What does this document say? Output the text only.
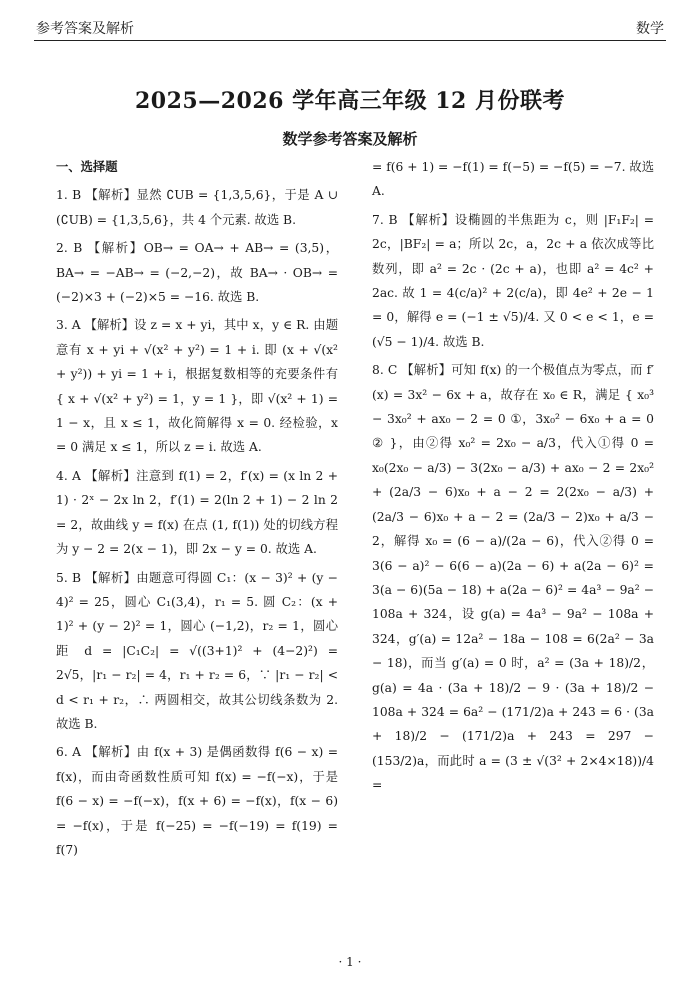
参考答案及解析	数学
2025—2026 学年高三年级 12 月份联考
数学参考答案及解析

一、选择题

1. B 【解析】显然 ∁UB = {1,3,5,6}，于是 A ∪ (∁UB) = {1,3,5,6}，共 4 个元素. 故选 B.

2. B 【解析】OB→ = OA→ + AB→ = (3,5)，BA→ = −AB→ = (−2,−2)，故 BA→ · OB→ = (−2)×3 + (−2)×5 = −16. 故选 B.

3. A 【解析】设 z = x + yi，其中 x，y ∈ R. 由题意有 x + yi + √(x² + y²) = 1 + i. 即 (x + √(x² + y²)) + yi = 1 + i，根据复数相等的充要条件有 { x + √(x² + y²) = 1，y = 1 }，即 √(x² + 1) = 1 − x，且 x ≤ 1，故化简解得 x = 0. 经检验，x = 0 满足 x ≤ 1，所以 z = i. 故选 A.

4. A 【解析】注意到 f(1) = 2，f′(x) = (x ln 2 + 1) · 2ˣ − 2x ln 2，f′(1) = 2(ln 2 + 1) − 2 ln 2 = 2，故曲线 y = f(x) 在点 (1, f(1)) 处的切线方程为 y − 2 = 2(x − 1)，即 2x − y = 0. 故选 A.

5. B 【解析】由题意可得圆 C₁：(x − 3)² + (y − 4)² = 25，圆心 C₁(3,4)，r₁ = 5. 圆 C₂：(x + 1)² + (y − 2)² = 1，圆心 (−1,2)，r₂ = 1，圆心距 d = |C₁C₂| = √((3+1)² + (4−2)²) = 2√5，|r₁ − r₂| = 4，r₁ + r₂ = 6，∵ |r₁ − r₂| < d < r₁ + r₂，∴ 两圆相交，故其公切线条数为 2. 故选 B.

6. A 【解析】由 f(x + 3) 是偶函数得 f(6 − x) = f(x)，而由奇函数性质可知 f(x) = −f(−x)，于是 f(6 − x) = −f(−x)，f(x + 6) = −f(x)，f(x − 6) = −f(x)，于是 f(−25) = −f(−19) = f(19) = f(7)

= f(6 + 1) = −f(1) = f(−5) = −f(5) = −7. 故选 A.

7. B 【解析】设椭圆的半焦距为 c，则 |F₁F₂| = 2c，|BF₂| = a；所以 2c，a，2c + a 依次成等比数列，即 a² = 2c · (2c + a)，也即 a² = 4c² + 2ac. 故 1 = 4(c/a)² + 2(c/a)，即 4e² + 2e − 1 = 0，解得 e = (−1 ± √5)/4. 又 0 < e < 1，e = (√5 − 1)/4. 故选 B.

8. C 【解析】可知 f(x) 的一个极值点为零点，而 f′(x) = 3x² − 6x + a，故存在 x₀ ∈ R，满足 { x₀³ − 3x₀² + ax₀ − 2 = 0 ①，3x₀² − 6x₀ + a = 0 ② }，由②得 x₀² = 2x₀ − a/3，代入①得 0 = x₀(2x₀ − a/3) − 3(2x₀ − a/3) + ax₀ − 2 = 2x₀² + (2a/3 − 6)x₀ + a − 2 = 2(2x₀ − a/3) + (2a/3 − 6)x₀ + a − 2 = (2a/3 − 2)x₀ + a/3 − 2，解得 x₀ = (6 − a)/(2a − 6)，代入②得 0 = 3(6 − a)² − 6(6 − a)(2a − 6) + a(2a − 6)² = 3(a − 6)(5a − 18) + a(2a − 6)² = 4a³ − 9a² − 108a + 324，设 g(a) = 4a³ − 9a² − 108a + 324，g′(a) = 12a² − 18a − 108 = 6(2a² − 3a − 18)，而当 g′(a) = 0 时，a² = (3a + 18)/2，g(a) = 4a · (3a + 18)/2 − 9 · (3a + 18)/2 − 108a + 324 = 6a² − (171/2)a + 243 = 6 · (3a + 18)/2 − (171/2)a + 243 = 297 − (153/2)a，而此时 a = (3 ± √(3² + 2×4×18))/4 =

· 1 ·
